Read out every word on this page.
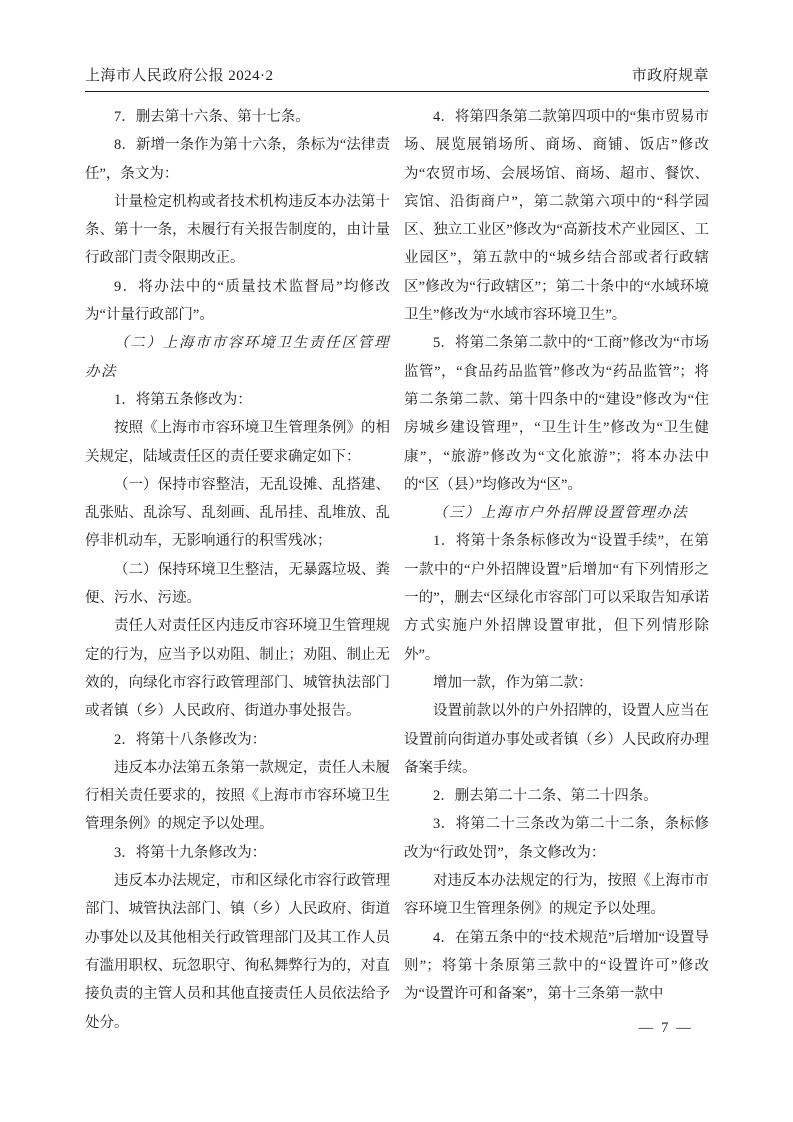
上海市人民政府公报 2024·2	市政府规章

7．删去第十六条、第十七条。

8．新增一条作为第十六条，条标为“法律责任”，条文为：

计量检定机构或者技术机构违反本办法第十条、第十一条，未履行有关报告制度的，由计量行政部门责令限期改正。

9．将办法中的“质量技术监督局”均修改为“计量行政部门”。

（二）上海市市容环境卫生责任区管理办法

1．将第五条修改为：

按照《上海市市容环境卫生管理条例》的相关规定，陆域责任区的责任要求确定如下：

（一）保持市容整洁，无乱设摊、乱搭建、乱张贴、乱涂写、乱刻画、乱吊挂、乱堆放、乱停非机动车，无影响通行的积雪残冰；

（二）保持环境卫生整洁，无暴露垃圾、粪便、污水、污迹。

责任人对责任区内违反市容环境卫生管理规定的行为，应当予以劝阻、制止；劝阻、制止无效的，向绿化市容行政管理部门、城管执法部门或者镇（乡）人民政府、街道办事处报告。

2．将第十八条修改为：

违反本办法第五条第一款规定，责任人未履行相关责任要求的，按照《上海市市容环境卫生管理条例》的规定予以处理。

3．将第十九条修改为：

违反本办法规定，市和区绿化市容行政管理部门、城管执法部门、镇（乡）人民政府、街道办事处以及其他相关行政管理部门及其工作人员有滥用职权、玩忽职守、徇私舞弊行为的，对直接负责的主管人员和其他直接责任人员依法给予处分。

4．将第四条第二款第四项中的“集市贸易市场、展览展销场所、商场、商铺、饭店”修改为“农贸市场、会展场馆、商场、超市、餐饮、宾馆、沿街商户”，第二款第六项中的“科学园区、独立工业区”修改为“高新技术产业园区、工业园区”，第五款中的“城乡结合部或者行政辖区”修改为“行政辖区”；第二十条中的“水域环境卫生”修改为“水域市容环境卫生”。

5．将第二条第二款中的“工商”修改为“市场监管”，“食品药品监管”修改为“药品监管”；将第二条第二款、第十四条中的“建设”修改为“住房城乡建设管理”，“卫生计生”修改为“卫生健康”，“旅游”修改为“文化旅游”；将本办法中的“区（县）”均修改为“区”。

（三）上海市户外招牌设置管理办法

1．将第十条条标修改为“设置手续”，在第一款中的“户外招牌设置”后增加“有下列情形之一的”，删去“区绿化市容部门可以采取告知承诺方式实施户外招牌设置审批，但下列情形除外”。

增加一款，作为第二款：

设置前款以外的户外招牌的，设置人应当在设置前向街道办事处或者镇（乡）人民政府办理备案手续。

2．删去第二十二条、第二十四条。

3．将第二十三条改为第二十二条，条标修改为“行政处罚”，条文修改为：

对违反本办法规定的行为，按照《上海市市容环境卫生管理条例》的规定予以处理。

4．在第五条中的“技术规范”后增加“设置导则”；将第十条原第三款中的“设置许可”修改为“设置许可和备案”，第十三条第一款中

— 7 —
